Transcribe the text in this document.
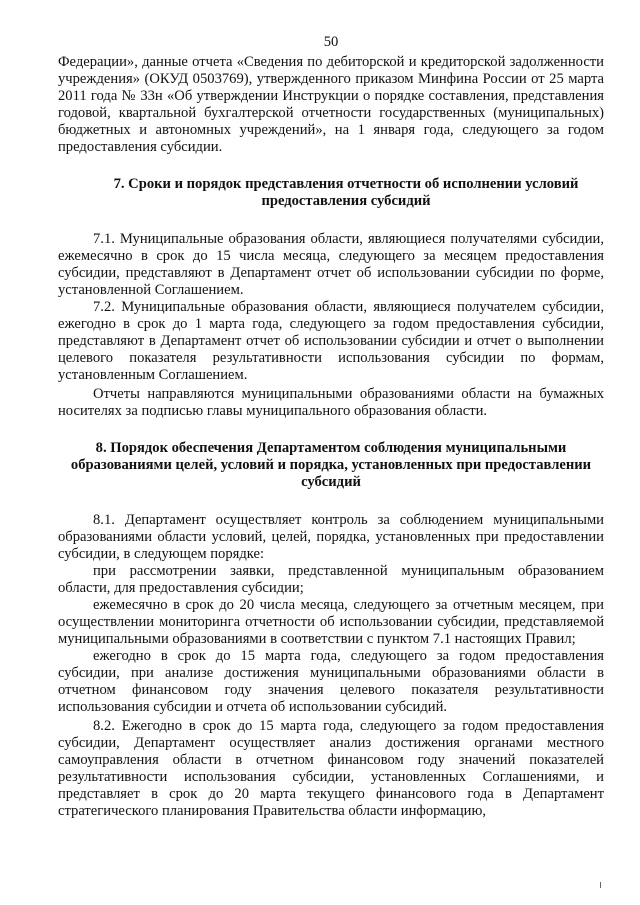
50

Федерации», данные отчета «Сведения по дебиторской и кредиторской задолженности учреждения» (ОКУД 0503769), утвержденного приказом Минфина России от 25 марта 2011 года № 33н «Об утверждении Инструкции о порядке составления, представления годовой, квартальной бухгалтерской отчетности государственных (муниципальных) бюджетных и автономных учреждений», на 1 января года, следующего за годом предоставления субсидии.

7. Сроки и порядок представления отчетности об исполнении условий предоставления субсидий

7.1. Муниципальные образования области, являющиеся получателями субсидии, ежемесячно в срок до 15 числа месяца, следующего за месяцем предоставления субсидии, представляют в Департамент отчет об использовании субсидии по форме, установленной Соглашением.

7.2. Муниципальные образования области, являющиеся получателем субсидии, ежегодно в срок до 1 марта года, следующего за годом предоставления субсидии, представляют в Департамент отчет об использовании субсидии и отчет о выполнении целевого показателя результативности использования субсидии по формам, установленным Соглашением.

Отчеты направляются муниципальными образованиями области на бумажных носителях за подписью главы муниципального образования области.

8. Порядок обеспечения Департаментом соблюдения муниципальными образованиями целей, условий и порядка, установленных при предоставлении субсидий

8.1. Департамент осуществляет контроль за соблюдением муниципальными образованиями области условий, целей, порядка, установленных при предоставлении субсидии, в следующем порядке:

при рассмотрении заявки, представленной муниципальным образованием области, для предоставления субсидии;

ежемесячно в срок до 20 числа месяца, следующего за отчетным месяцем, при осуществлении мониторинга отчетности об использовании субсидии, представляемой муниципальными образованиями в соответствии с пунктом 7.1 настоящих Правил;

ежегодно в срок до 15 марта года, следующего за годом предоставления субсидии, при анализе достижения муниципальными образованиями области в отчетном финансовом году значения целевого показателя результативности использования субсидии и отчета об использовании субсидий.

8.2. Ежегодно в срок до 15 марта года, следующего за годом предоставления субсидии, Департамент осуществляет анализ достижения органами местного самоуправления области в отчетном финансовом году значений показателей результативности использования субсидии, установленных Соглашениями, и представляет в срок до 20 марта текущего финансового года в Департамент стратегического планирования Правительства области информацию,
